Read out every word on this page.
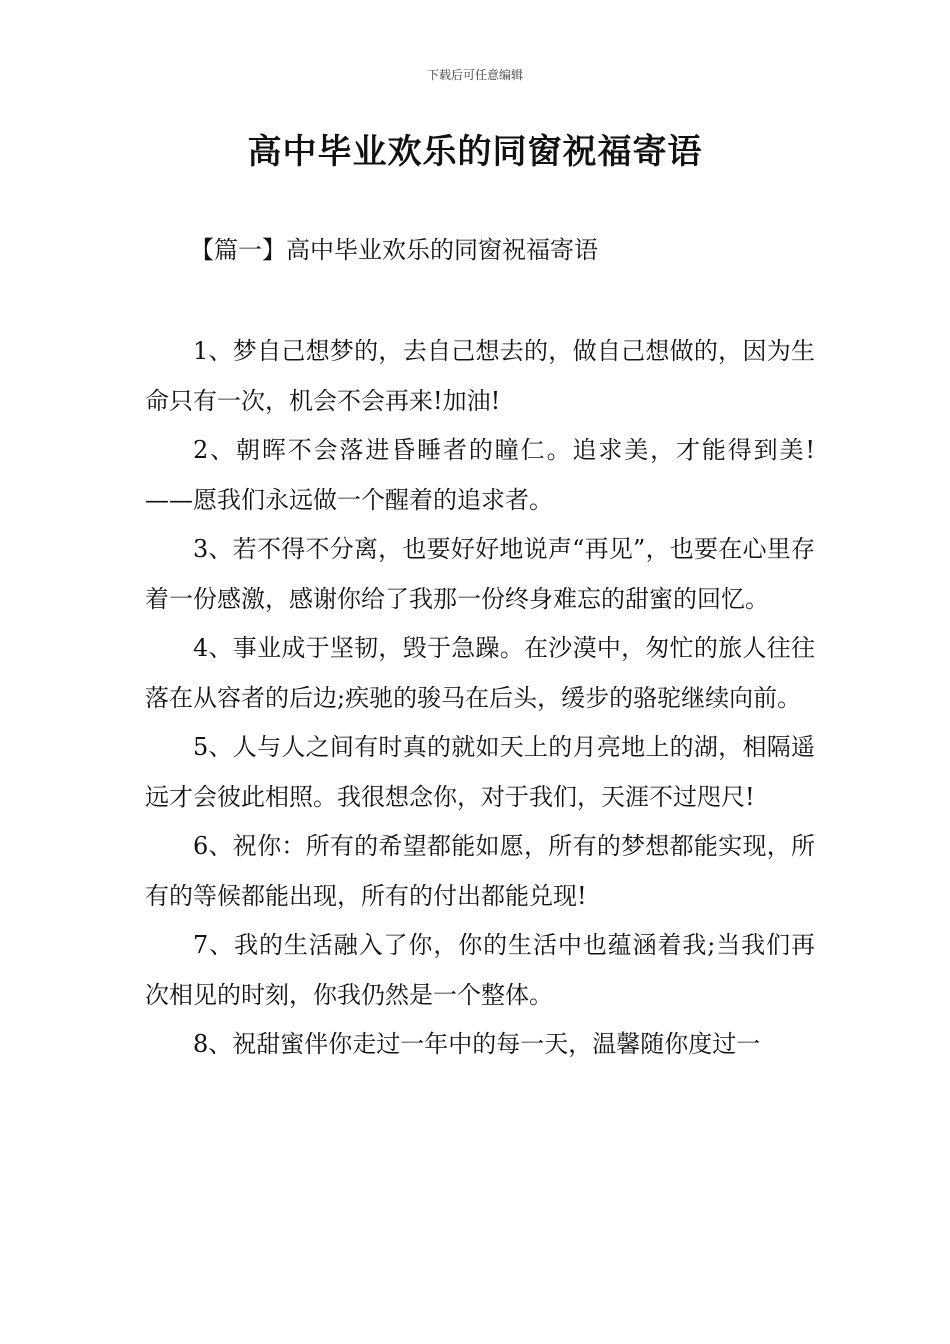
下载后可任意编辑
高中毕业欢乐的同窗祝福寄语
【篇一】高中毕业欢乐的同窗祝福寄语

1、梦自己想梦的，去自己想去的，做自己想做的，因为生命只有一次，机会不会再来!加油!

2、朝晖不会落进昏睡者的瞳仁。追求美，才能得到美!——愿我们永远做一个醒着的追求者。

3、若不得不分离，也要好好地说声“再见”，也要在心里存着一份感激，感谢你给了我那一份终身难忘的甜蜜的回忆。

4、事业成于坚韧，毁于急躁。在沙漠中，匆忙的旅人往往落在从容者的后边;疾驰的骏马在后头，缓步的骆驼继续向前。

5、人与人之间有时真的就如天上的月亮地上的湖，相隔遥远才会彼此相照。我很想念你，对于我们，天涯不过咫尺!

6、祝你：所有的希望都能如愿，所有的梦想都能实现，所有的等候都能出现，所有的付出都能兑现!

7、我的生活融入了你，你的生活中也蕴涵着我;当我们再次相见的时刻，你我仍然是一个整体。

8、祝甜蜜伴你走过一年中的每一天，温馨随你度过一
